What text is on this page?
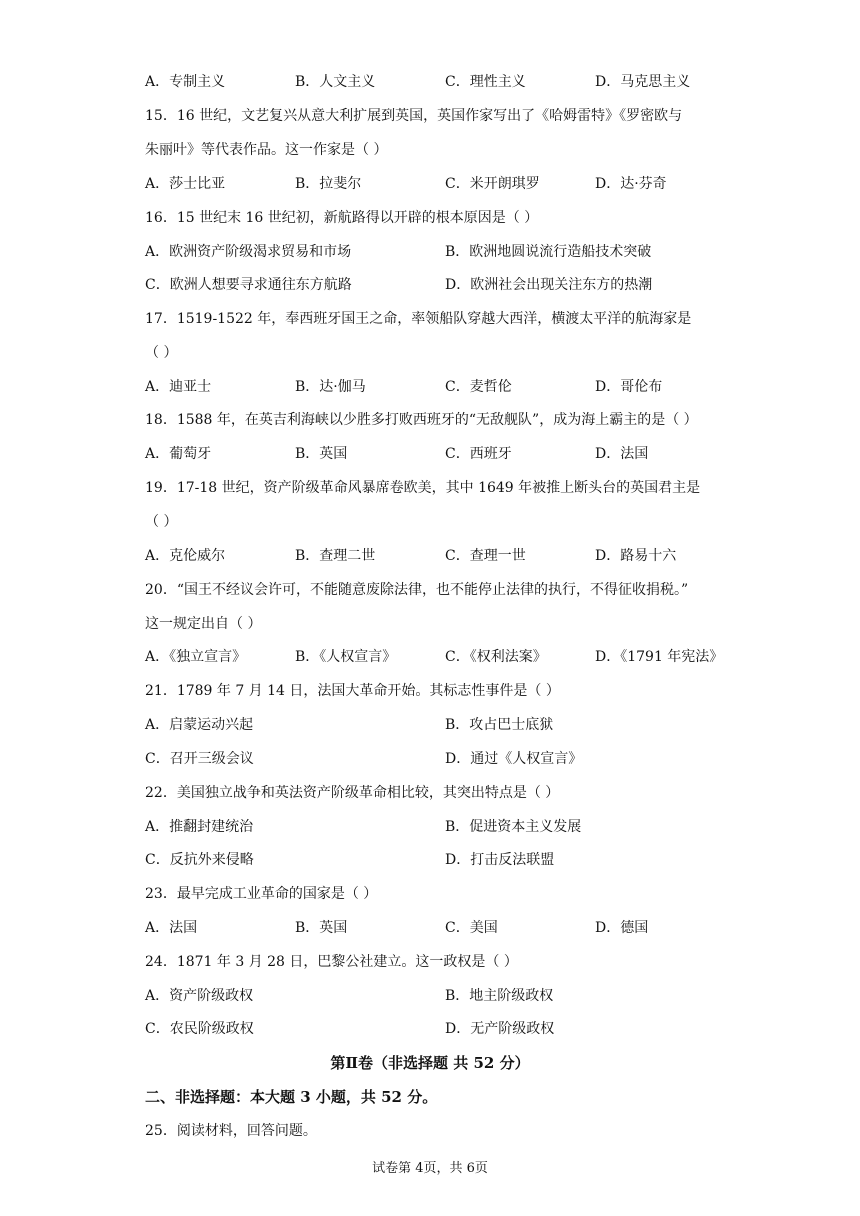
A．专制主义	B．人文主义	C．理性主义	D．马克思主义
15．16 世纪，文艺复兴从意大利扩展到英国，英国作家写出了《哈姆雷特》《罗密欧与
朱丽叶》等代表作品。这一作家是（ ）
A．莎士比亚	B．拉斐尔	C．米开朗琪罗	D．达·芬奇
16．15 世纪末 16 世纪初，新航路得以开辟的根本原因是（ ）
A．欧洲资产阶级渴求贸易和市场	B．欧洲地圆说流行造船技术突破
C．欧洲人想要寻求通往东方航路	D．欧洲社会出现关注东方的热潮
17．1519-1522 年，奉西班牙国王之命，率领船队穿越大西洋，横渡太平洋的航海家是
（ ）
A．迪亚士	B．达·伽马	C．麦哲伦	D．哥伦布
18．1588 年，在英吉利海峡以少胜多打败西班牙的“无敌舰队”，成为海上霸主的是（ ）
A．葡萄牙	B．英国	C．西班牙	D．法国
19．17-18 世纪，资产阶级革命风暴席卷欧美，其中 1649 年被推上断头台的英国君主是
（ ）
A．克伦威尔	B．查理二世	C．查理一世	D．路易十六
20．“国王不经议会许可，不能随意废除法律，也不能停止法律的执行，不得征收捐税。”
这一规定出自（ ）
A．《独立宣言》	B．《人权宣言》	C．《权利法案》	D．《1791 年宪法》
21．1789 年 7 月 14 日，法国大革命开始。其标志性事件是（ ）
A．启蒙运动兴起	B．攻占巴士底狱
C．召开三级会议	D．通过《人权宣言》
22．美国独立战争和英法资产阶级革命相比较，其突出特点是（ ）
A．推翻封建统治	B．促进资本主义发展
C．反抗外来侵略	D．打击反法联盟
23．最早完成工业革命的国家是（ ）
A．法国	B．英国	C．美国	D．德国
24．1871 年 3 月 28 日，巴黎公社建立。这一政权是（ ）
A．资产阶级政权	B．地主阶级政权
C．农民阶级政权	D．无产阶级政权
第Ⅱ卷（非选择题 共 52 分）
二、非选择题：本大题 3 小题，共 52 分。
25．阅读材料，回答问题。
试卷第 4页，共 6页
